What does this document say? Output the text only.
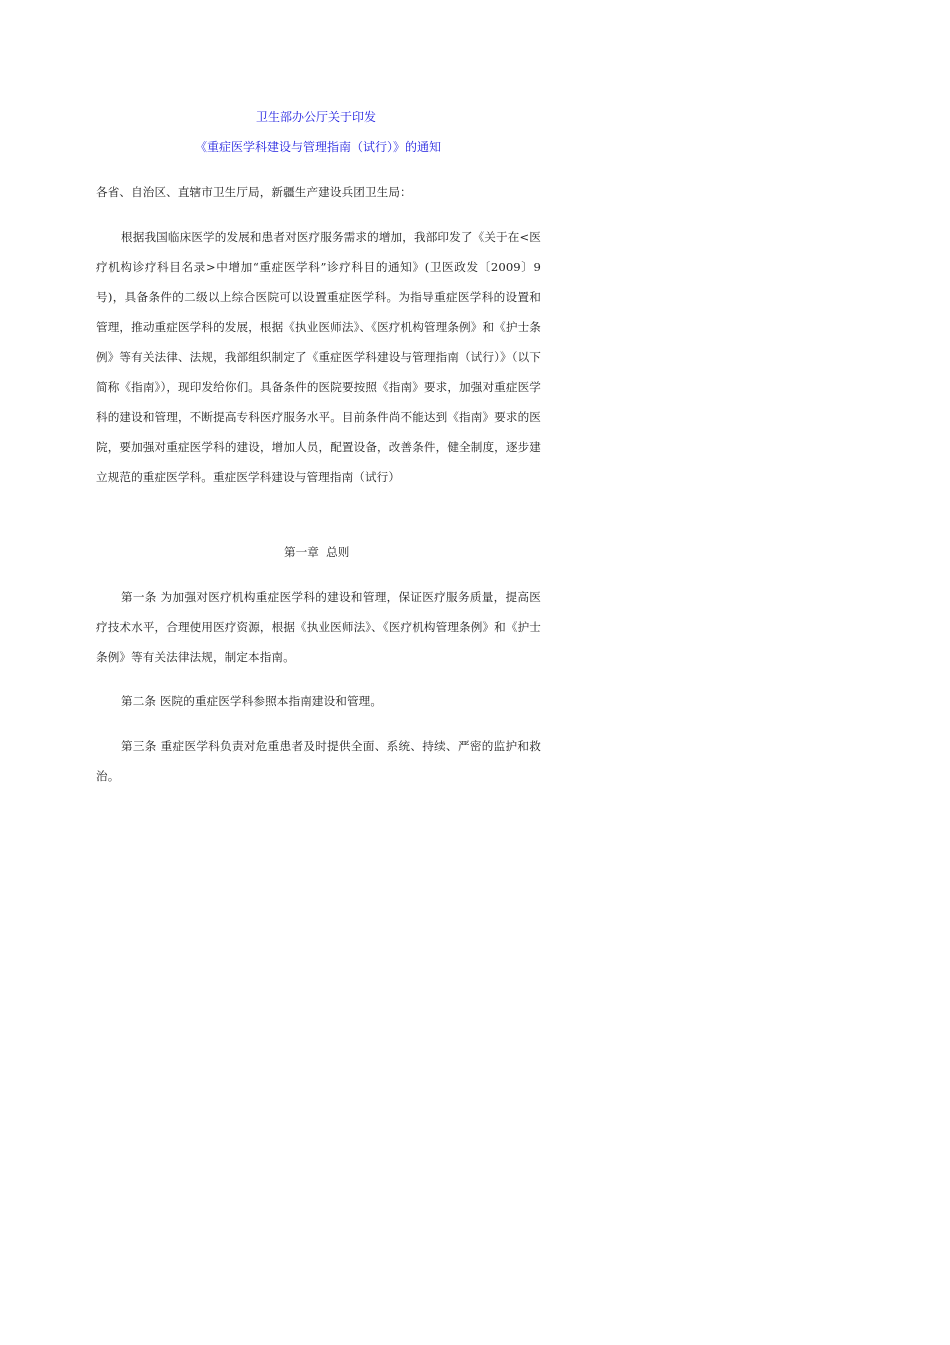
卫生部办公厅关于印发
《重症医学科建设与管理指南（试行）》的通知
各省、自治区、直辖市卫生厅局，新疆生产建设兵团卫生局：
根据我国临床医学的发展和患者对医疗服务需求的增加，我部印发了《关于在<医疗机构诊疗科目名录>中增加“重症医学科”诊疗科目的通知》(卫医政发〔2009〕9号)，具备条件的二级以上综合医院可以设置重症医学科。为指导重症医学科的设置和管理，推动重症医学科的发展，根据《执业医师法》、《医疗机构管理条例》和《护士条例》等有关法律、法规，我部组织制定了《重症医学科建设与管理指南（试行）》（以下简称《指南》），现印发给你们。具备条件的医院要按照《指南》要求，加强对重症医学科的建设和管理，不断提高专科医疗服务水平。目前条件尚不能达到《指南》要求的医院，要加强对重症医学科的建设，增加人员，配置设备，改善条件，健全制度，逐步建立规范的重症医学科。重症医学科建设与管理指南（试行）
第一章  总则
第一条 为加强对医疗机构重症医学科的建设和管理，保证医疗服务质量，提高医疗技术水平，合理使用医疗资源，根据《执业医师法》、《医疗机构管理条例》和《护士条例》等有关法律法规，制定本指南。
第二条 医院的重症医学科参照本指南建设和管理。
第三条 重症医学科负责对危重患者及时提供全面、系统、持续、严密的监护和救治。
